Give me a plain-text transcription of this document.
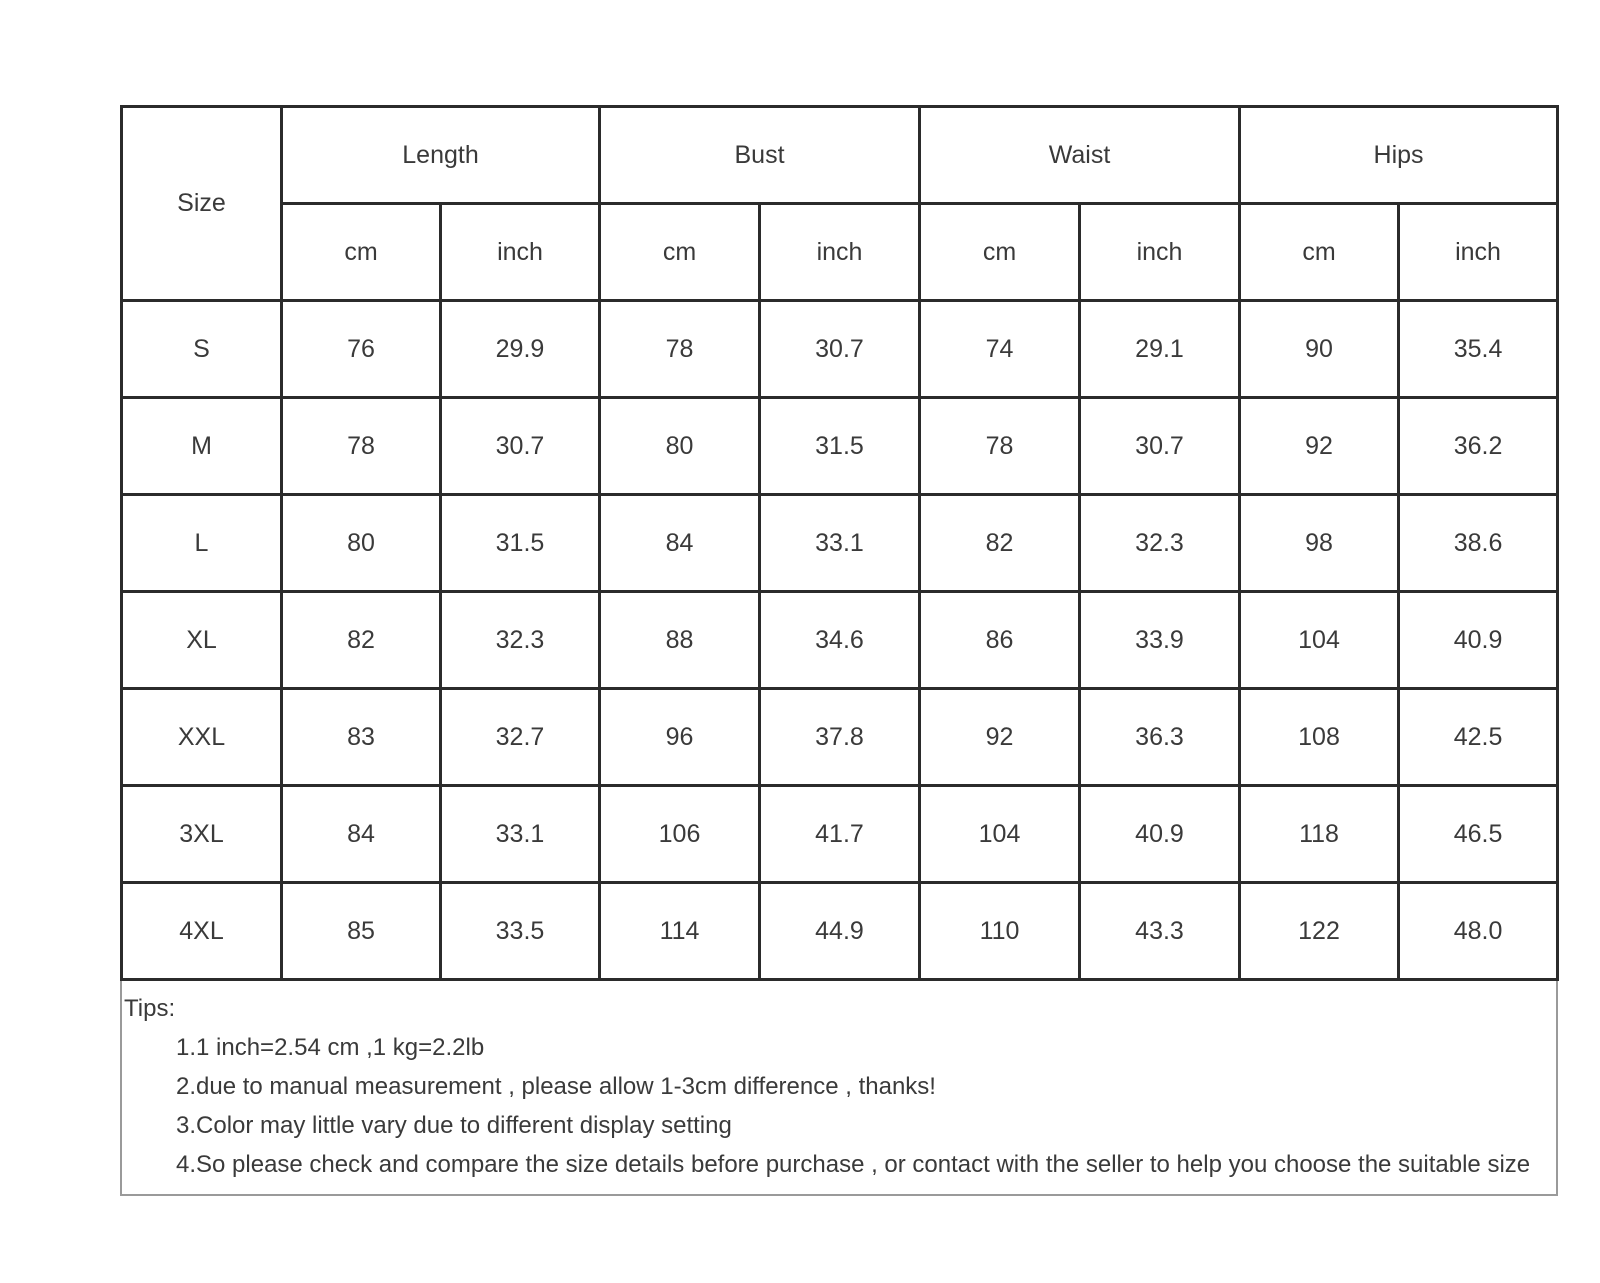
Size	Length		Bust		Waist		Hips	
	cm	inch	cm	inch	cm	inch	cm	inch
S	76	29.9	78	30.7	74	29.1	90	35.4
M	78	30.7	80	31.5	78	30.7	92	36.2
L	80	31.5	84	33.1	82	32.3	98	38.6
XL	82	32.3	88	34.6	86	33.9	104	40.9
XXL	83	32.7	96	37.8	92	36.3	108	42.5
3XL	84	33.1	106	41.7	104	40.9	118	46.5
4XL	85	33.5	114	44.9	110	43.3	122	48.0

Tips:

1.1 inch=2.54 cm ,1 kg=2.2lb

2.due to manual measurement , please allow 1-3cm difference , thanks!

3.Color may little vary due to different display setting

4.So please check and compare the size details before purchase , or contact with the seller to help you choose the suitable size
